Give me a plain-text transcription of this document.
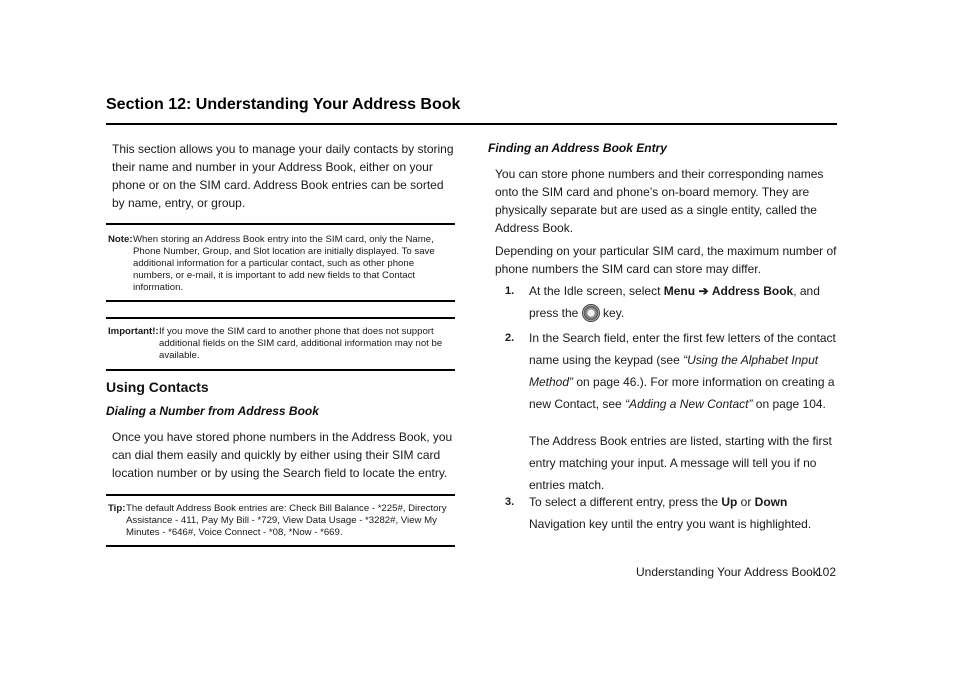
Section 12: Understanding Your Address Book

This section allows you to manage your daily contacts by storing their name and number in your Address Book, either on your phone or on the SIM card. Address Book entries can be sorted by name, entry, or group.

Note: When storing an Address Book entry into the SIM card, only the Name, Phone Number, Group, and Slot location are initially displayed. To save additional information for a particular contact, such as other phone numbers, or e-mail, it is important to add new fields to that Contact information.
Important!: If you move the SIM card to another phone that does not support additional fields on the SIM card, additional information may not be available.
Using Contacts
Dialing a Number from Address Book

Once you have stored phone numbers in the Address Book, you can dial them easily and quickly by either using their SIM card location number or by using the Search field to locate the entry.

Tip: The default Address Book entries are: Check Bill Balance - *225#, Directory Assistance - 411, Pay My Bill - *729, View Data Usage - *3282#, View My Minutes - *646#, Voice Connect - *08, *Now - *669.
Finding an Address Book Entry

You can store phone numbers and their corresponding names onto the SIM card and phone’s on-board memory. They are physically separate but are used as a single entity, called the Address Book.

Depending on your particular SIM card, the maximum number of phone numbers the SIM card can store may differ.

1. At the Idle screen, select Menu ➔ Address Book, and press the key.
2. In the Search field, enter the first few letters of the contact name using the keypad (see “Using the Alphabet Input Method” on page 46.). For more information on creating a new Contact, see “Adding a New Contact” on page 104.

The Address Book entries are listed, starting with the first entry matching your input. A message will tell you if no entries match.

3. To select a different entry, press the Up or Down Navigation key until the entry you want is highlighted.
Understanding Your Address Book
102
